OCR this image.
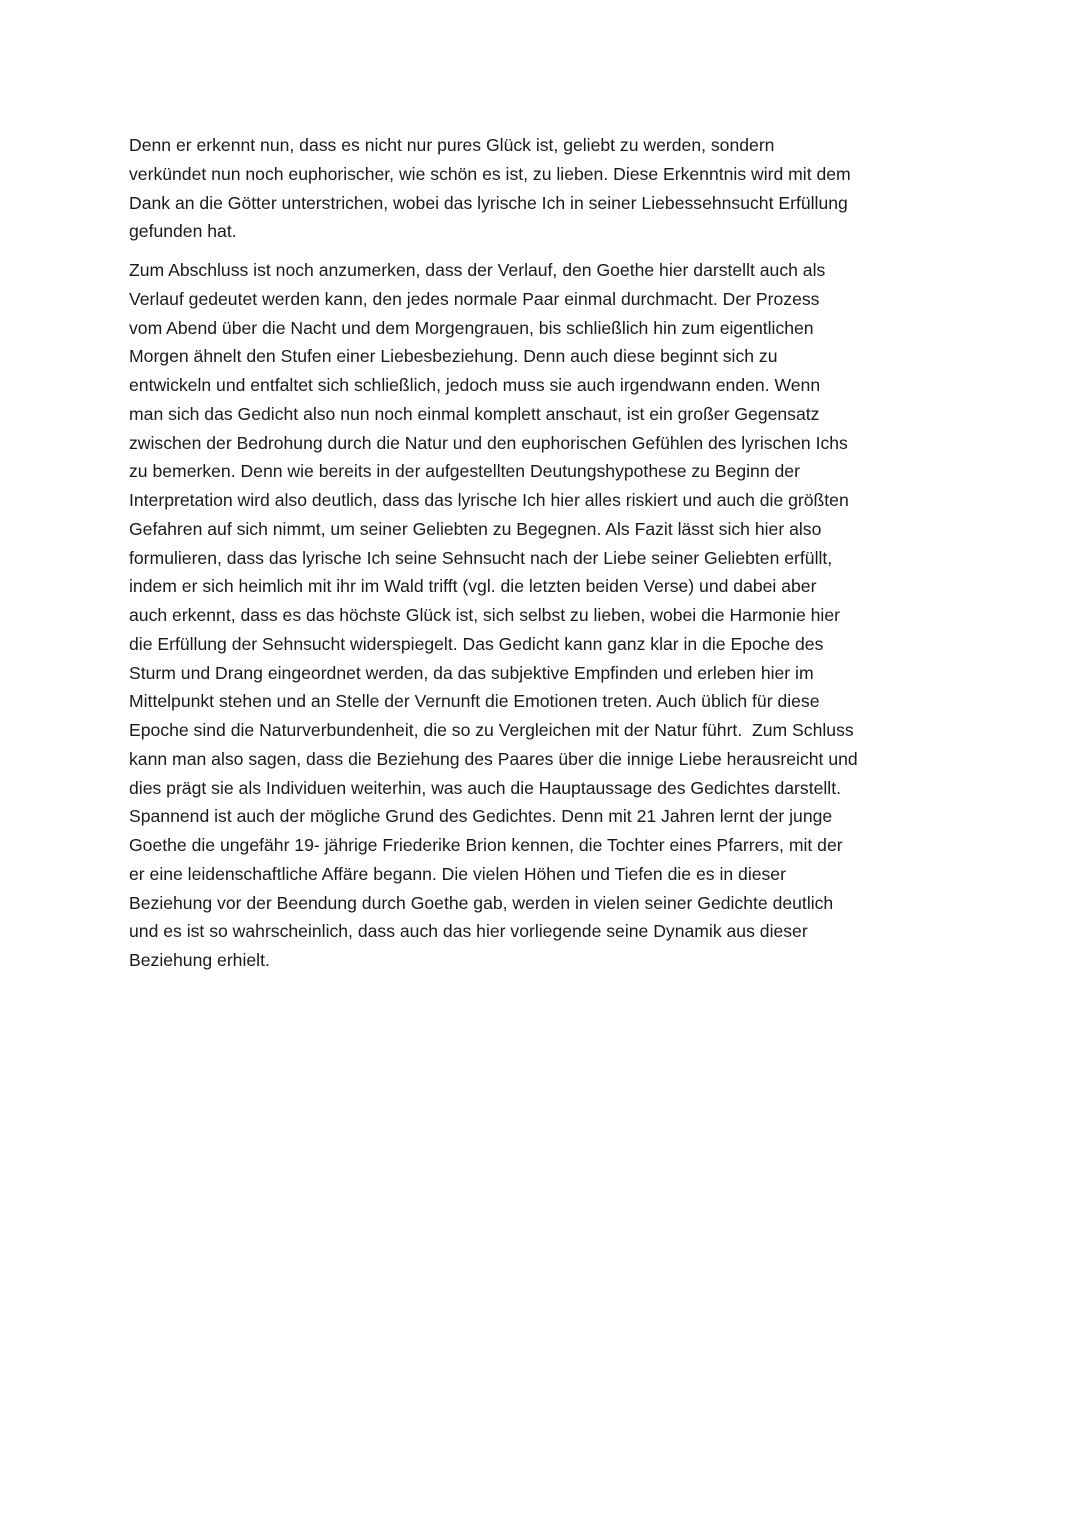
Denn er erkennt nun, dass es nicht nur pures Glück ist, geliebt zu werden, sondern
verkündet nun noch euphorischer, wie schön es ist, zu lieben. Diese Erkenntnis wird mit dem
Dank an die Götter unterstrichen, wobei das lyrische Ich in seiner Liebessehnsucht Erfüllung
gefunden hat.
Zum Abschluss ist noch anzumerken, dass der Verlauf, den Goethe hier darstellt auch als
Verlauf gedeutet werden kann, den jedes normale Paar einmal durchmacht. Der Prozess
vom Abend über die Nacht und dem Morgengrauen, bis schließlich hin zum eigentlichen
Morgen ähnelt den Stufen einer Liebesbeziehung. Denn auch diese beginnt sich zu
entwickeln und entfaltet sich schließlich, jedoch muss sie auch irgendwann enden. Wenn
man sich das Gedicht also nun noch einmal komplett anschaut, ist ein großer Gegensatz
zwischen der Bedrohung durch die Natur und den euphorischen Gefühlen des lyrischen Ichs
zu bemerken. Denn wie bereits in der aufgestellten Deutungshypothese zu Beginn der
Interpretation wird also deutlich, dass das lyrische Ich hier alles riskiert und auch die größten
Gefahren auf sich nimmt, um seiner Geliebten zu Begegnen. Als Fazit lässt sich hier also
formulieren, dass das lyrische Ich seine Sehnsucht nach der Liebe seiner Geliebten erfüllt,
indem er sich heimlich mit ihr im Wald trifft (vgl. die letzten beiden Verse) und dabei aber
auch erkennt, dass es das höchste Glück ist, sich selbst zu lieben, wobei die Harmonie hier
die Erfüllung der Sehnsucht widerspiegelt. Das Gedicht kann ganz klar in die Epoche des
Sturm und Drang eingeordnet werden, da das subjektive Empfinden und erleben hier im
Mittelpunkt stehen und an Stelle der Vernunft die Emotionen treten. Auch üblich für diese
Epoche sind die Naturverbundenheit, die so zu Vergleichen mit der Natur führt.  Zum Schluss
kann man also sagen, dass die Beziehung des Paares über die innige Liebe herausreicht und
dies prägt sie als Individuen weiterhin, was auch die Hauptaussage des Gedichtes darstellt.
Spannend ist auch der mögliche Grund des Gedichtes. Denn mit 21 Jahren lernt der junge
Goethe die ungefähr 19- jährige Friederike Brion kennen, die Tochter eines Pfarrers, mit der
er eine leidenschaftliche Affäre begann. Die vielen Höhen und Tiefen die es in dieser
Beziehung vor der Beendung durch Goethe gab, werden in vielen seiner Gedichte deutlich
und es ist so wahrscheinlich, dass auch das hier vorliegende seine Dynamik aus dieser
Beziehung erhielt.
